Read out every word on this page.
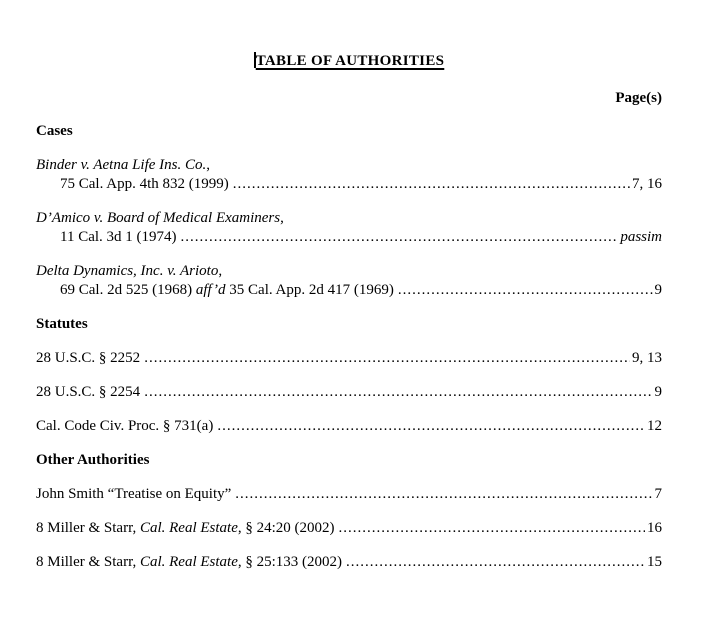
TABLE OF AUTHORITIES
Page(s)
Cases
Binder v. Aetna Life Ins. Co.,
75 Cal. App. 4th 832 (1999) .....	7, 16
D’Amico v. Board of Medical Examiners,
11 Cal. 3d 1 (1974) .....	passim
Delta Dynamics, Inc. v. Arioto,
69 Cal. 2d 525 (1968) aff’d 35 Cal. App. 2d 417 (1969) .....	9
Statutes
28 U.S.C. § 2252 .....	9, 13
28 U.S.C. § 2254 .....	9
Cal. Code Civ. Proc. § 731(a) .....	12
Other Authorities
John Smith “Treatise on Equity” .....	7
8 Miller & Starr, Cal. Real Estate, § 24:20 (2002) .....	16
8 Miller & Starr, Cal. Real Estate, § 25:133 (2002) .....	15
